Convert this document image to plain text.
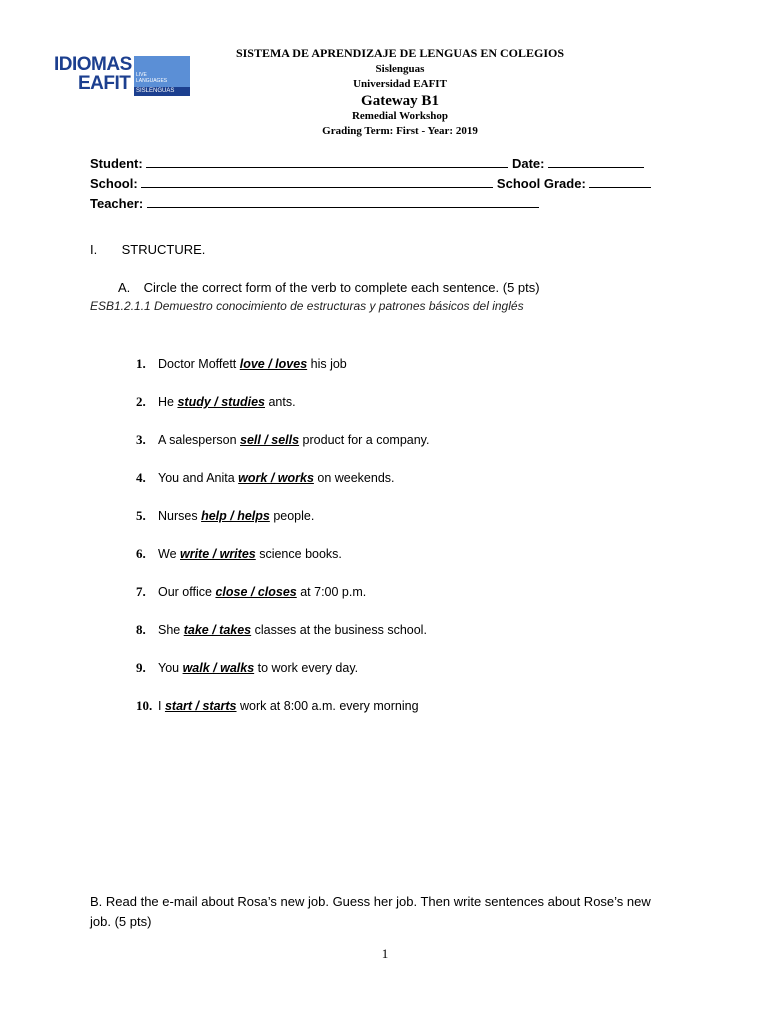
IDIOMAS
EAFIT LIVE
LANGUAGES
SISLENGUAS
SISTEMA DE APRENDIZAJE DE LENGUAS EN COLEGIOS
Sislenguas
Universidad EAFIT
Gateway B1
Remedial Workshop
Grading Term: First - Year: 2019
Student:	Date:
School:	School Grade:
Teacher:
I. STRUCTURE.
A. Circle the correct form of the verb to complete each sentence. (5 pts)
ESB1.2.1.1 Demuestro conocimiento de estructuras y patrones básicos del inglés
1. Doctor Moffett love / loves his job
2. He study / studies ants.
3. A salesperson sell / sells product for a company.
4. You and Anita work / works on weekends.
5. Nurses help / helps people.
6. We write / writes science books.
7. Our office close / closes at 7:00 p.m.
8. She take / takes classes at the business school.
9. You walk / walks to work every day.
10. I start / starts work at 8:00 a.m. every morning
B. Read the e-mail about Rosa’s new job. Guess her job. Then write sentences about Rose’s new
job. (5 pts)
1
